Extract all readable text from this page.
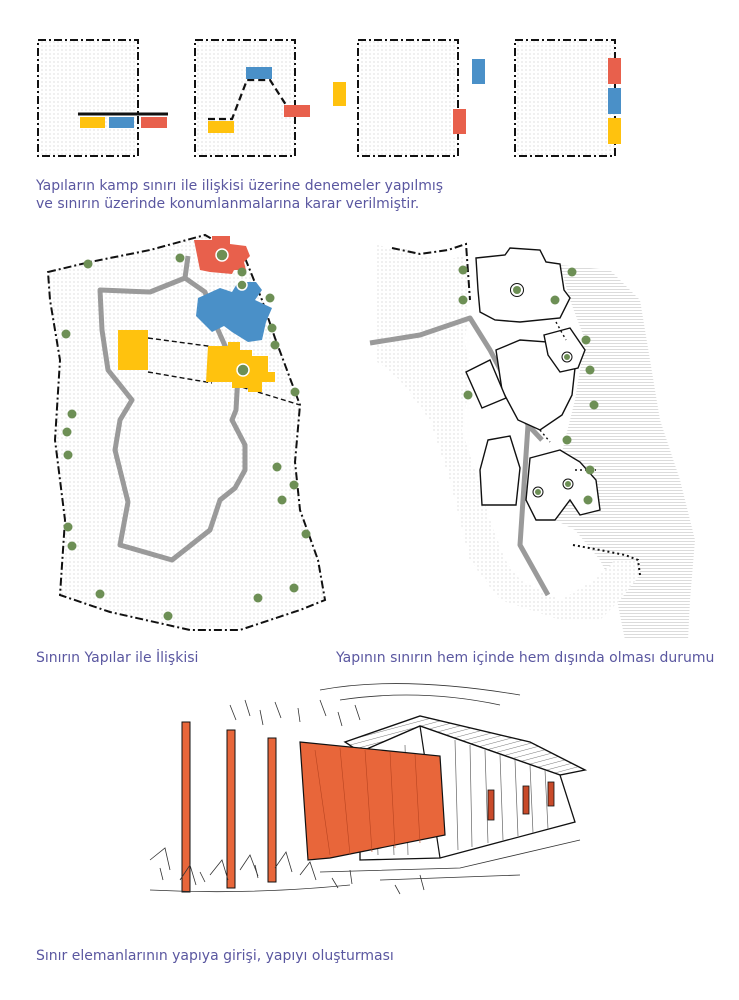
Yapıların kamp sınırı ile ilişkisi üzerine denemeler yapılmış

ve sınırın üzerinde konumlanmalarına karar verilmiştir.

Sınırın Yapılar ile İlişkisi	Yapının sınırın hem içinde hem dışında olması durumu

Sınır elemanlarının yapıya girişi, yapıyı oluşturması
